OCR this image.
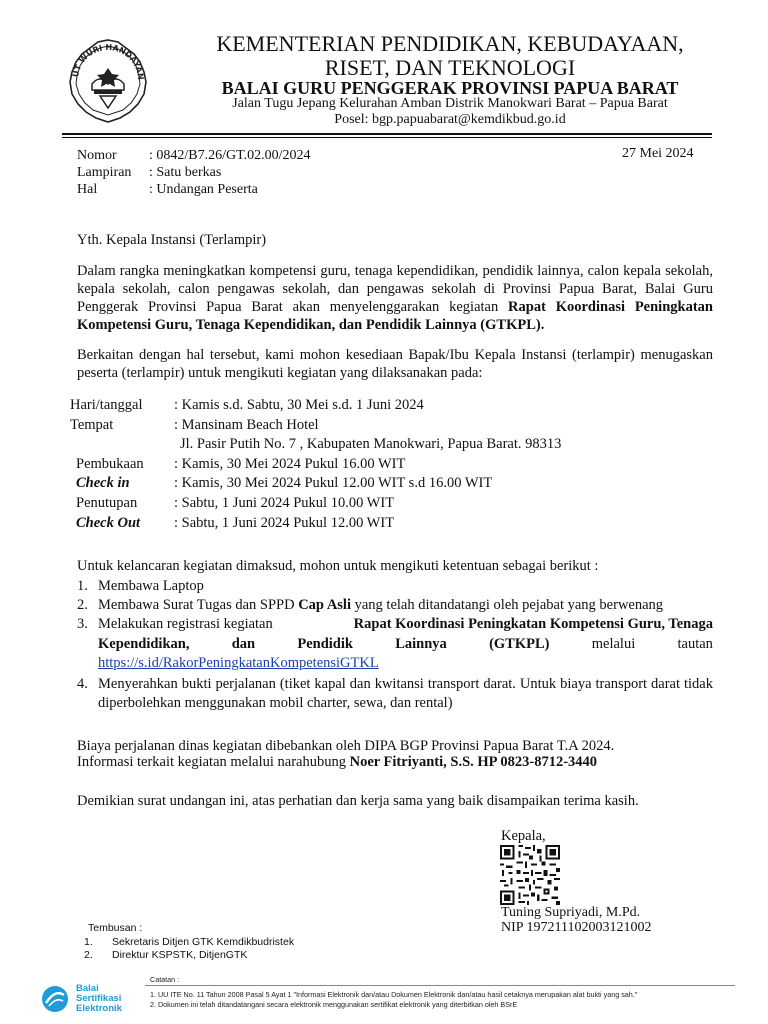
UT WURI HANDAYAN
KEMENTERIAN PENDIDIKAN, KEBUDAYAAN,
RISET, DAN TEKNOLOGI
BALAI GURU PENGGERAK PROVINSI PAPUA BARAT
Jalan Tugu Jepang Kelurahan Amban Distrik Manokwari Barat – Papua Barat
Posel: bgp.papuabarat@kemdikbud.go.id
Nomor	: 0842/B7.26/GT.02.00/2024
Lampiran	: Satu berkas
Hal	: Undangan Peserta
27 Mei 2024
Yth. Kepala Instansi (Terlampir)
Dalam rangka meningkatkan kompetensi guru, tenaga kependidikan, pendidik lainnya, calon kepala sekolah, kepala sekolah, calon pengawas sekolah, dan pengawas sekolah di Provinsi Papua Barat, Balai Guru Penggerak Provinsi Papua Barat akan menyelenggarakan kegiatan Rapat Koordinasi Peningkatan Kompetensi Guru, Tenaga Kependidikan, dan Pendidik Lainnya (GTKPL).
Berkaitan dengan hal tersebut, kami mohon kesediaan Bapak/Ibu Kepala Instansi (terlampir) menugaskan peserta (terlampir) untuk mengikuti kegiatan yang dilaksanakan pada:
Hari/tanggal	: Kamis s.d. Sabtu, 30 Mei s.d. 1 Juni 2024
Tempat	: Mansinam Beach Hotel
	Jl. Pasir Putih No. 7 , Kabupaten Manokwari, Papua Barat. 98313
Pembukaan	: Kamis, 30 Mei 2024 Pukul 16.00 WIT
Check in	: Kamis, 30 Mei 2024 Pukul 12.00 WIT s.d 16.00 WIT
Penutupan	: Sabtu, 1 Juni 2024 Pukul 10.00 WIT
Check Out	: Sabtu, 1 Juni 2024 Pukul 12.00 WIT
Untuk kelancaran kegiatan dimaksud, mohon untuk mengikuti ketentuan sebagai berikut :
1. Membawa Laptop
2. Membawa Surat Tugas dan SPPD Cap Asli yang telah ditandatangi oleh pejabat yang berwenang
3. Melakukan registrasi kegiatan	Rapat Koordinasi Peningkatan Kompetensi Guru, Tenaga
Kependidikan,	dan	Pendidik	Lainnya	(GTKPL)	melalui	tautan
https://s.id/RakorPeningkatanKompetensiGTKL
4. Menyerahkan bukti perjalanan (tiket kapal dan kwitansi transport darat. Untuk biaya transport darat tidak diperbolehkan menggunakan mobil charter, sewa, dan rental)
Biaya perjalanan dinas kegiatan dibebankan oleh DIPA BGP Provinsi Papua Barat T.A 2024.
Informasi terkait kegiatan melalui narahubung Noer Fitriyanti, S.S. HP 0823-8712-3440
Demikian surat undangan ini, atas perhatian dan kerja sama yang baik disampaikan terima kasih.
Kepala,
Tuning Supriyadi, M.Pd.
NIP 197211102003121002
Tembusan :
1. Sekretaris Ditjen GTK Kemdikbudristek
2. Direktur KSPSTK, DitjenGTK
Balai
Sertifikasi
Elektronik
Catatan :
1. UU ITE No. 11 Tahun 2008 Pasal 5 Ayat 1 "Informasi Elektronik dan/atau Dokumen Elektronik dan/atau hasil cetaknya merupakan alat bukti yang sah."
2. Dokumen ini telah ditandatangani secara elektronik menggunakan sertifikat elektronik yang diterbitkan oleh BSrE
